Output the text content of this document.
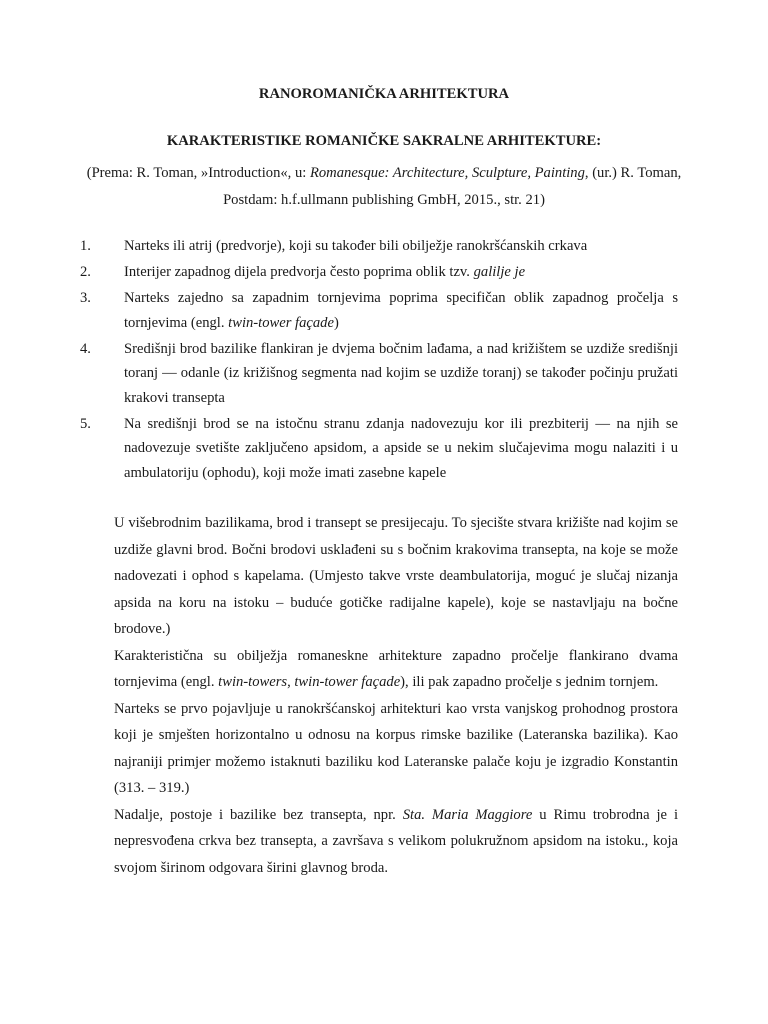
RANOROMANIČKA ARHITEKTURA
KARAKTERISTIKE ROMANIČKE SAKRALNE ARHITEKTURE:
(Prema: R. Toman, »Introduction«, u: Romanesque: Architecture, Sculpture, Painting, (ur.) R. Toman, Postdam: h.f.ullmann publishing GmbH, 2015., str. 21)
1.	Narteks ili atrij (predvorje), koji su također bili obilježje ranokršćanskih crkava
2.	Interijer zapadnog dijela predvorja često poprima oblik tzv. galilje je
3.	Narteks zajedno sa zapadnim tornjevima poprima specifičan oblik zapadnog pročelja s tornjevima (engl. twin-tower façade)
4.	Središnji brod bazilike flankiran je dvjema bočnim lađama, a nad križištem se uzdiže središnji toranj — odanle (iz križišnog segmenta nad kojim se uzdiže toranj) se također počinju pružati krakovi transepta
5.	Na središnji brod se na istočnu stranu zdanja nadovezuju kor ili prezbiterij — na njih se nadovezuje svetište zaključeno apsidom, a apside se u nekim slučajevima mogu nalaziti i u ambulatoriju (ophodu), koji može imati zasebne kapele

U višebrodnim bazilikama, brod i transept se presijecaju. To sjecište stvara križište nad kojim se uzdiže glavni brod. Bočni brodovi usklađeni su s bočnim krakovima transepta, na koje se može nadovezati i ophod s kapelama. (Umjesto takve vrste deambulatorija, moguć je slučaj nizanja apsida na koru na istoku – buduće gotičke radijalne kapele), koje se nastavljaju na bočne brodove.)

Karakteristična su obilježja romaneskne arhitekture zapadno pročelje flankirano dvama tornjevima (engl. twin-towers, twin-tower façade), ili pak zapadno pročelje s jednim tornjem.

Narteks se prvo pojavljuje u ranokršćanskoj arhitekturi kao vrsta vanjskog prohodnog prostora koji je smješten horizontalno u odnosu na korpus rimske bazilike (Lateranska bazilika). Kao najraniji primjer možemo istaknuti baziliku kod Lateranske palače koju je izgradio Konstantin (313. – 319.)

Nadalje, postoje i bazilike bez transepta, npr. Sta. Maria Maggiore u Rimu trobrodna je i nepresvođena crkva bez transepta, a završava s velikom polukružnom apsidom na istoku., koja svojom širinom odgovara širini glavnog broda.
